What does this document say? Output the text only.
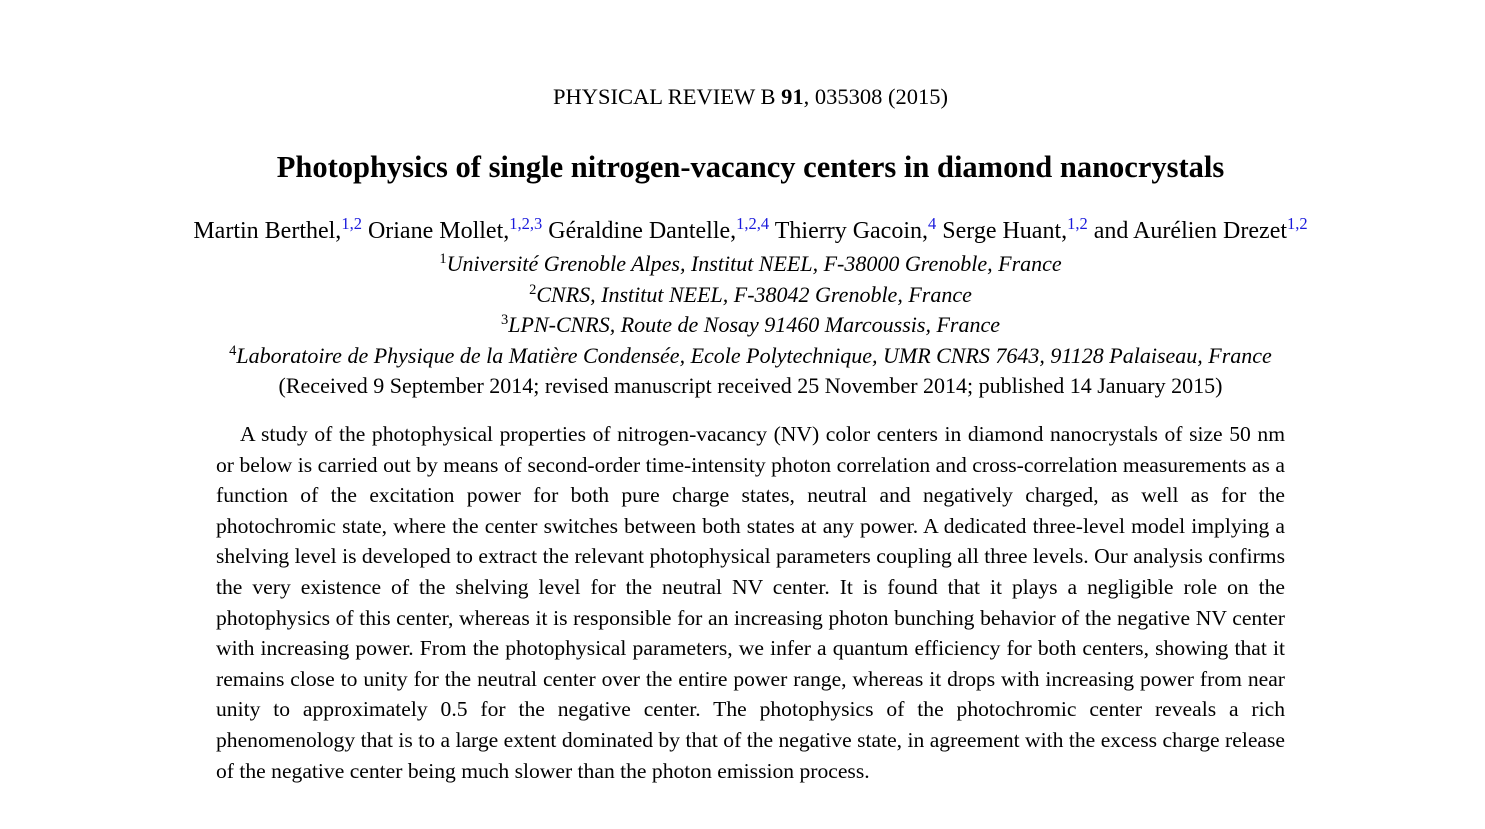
PHYSICAL REVIEW B 91, 035308 (2015)
Photophysics of single nitrogen-vacancy centers in diamond nanocrystals
Martin Berthel,$^{1,2}$ Oriane Mollet,$^{1,2,3}$ Géraldine Dantelle,$^{1,2,4}$ Thierry Gacoin,$^4$ Serge Huant,$^{1,2}$ and Aurélien Drezet$^{1,2}$
$^1$Université Grenoble Alpes, Institut NEEL, F-38000 Grenoble, France
$^2$CNRS, Institut NEEL, F-38042 Grenoble, France
$^3$LPN-CNRS, Route de Nosay 91460 Marcoussis, France
$^4$Laboratoire de Physique de la Matière Condensée, Ecole Polytechnique, UMR CNRS 7643, 91128 Palaiseau, France
(Received 9 September 2014; revised manuscript received 25 November 2014; published 14 January 2015)

A study of the photophysical properties of nitrogen-vacancy (NV) color centers in diamond nanocrystals of size 50 nm or below is carried out by means of second-order time-intensity photon correlation and cross-correlation measurements as a function of the excitation power for both pure charge states, neutral and negatively charged, as well as for the photochromic state, where the center switches between both states at any power. A dedicated three-level model implying a shelving level is developed to extract the relevant photophysical parameters coupling all three levels. Our analysis confirms the very existence of the shelving level for the neutral NV center. It is found that it plays a negligible role on the photophysics of this center, whereas it is responsible for an increasing photon bunching behavior of the negative NV center with increasing power. From the photophysical parameters, we infer a quantum efficiency for both centers, showing that it remains close to unity for the neutral center over the entire power range, whereas it drops with increasing power from near unity to approximately 0.5 for the negative center. The photophysics of the photochromic center reveals a rich phenomenology that is to a large extent dominated by that of the negative state, in agreement with the excess charge release of the negative center being much slower than the photon emission process.
